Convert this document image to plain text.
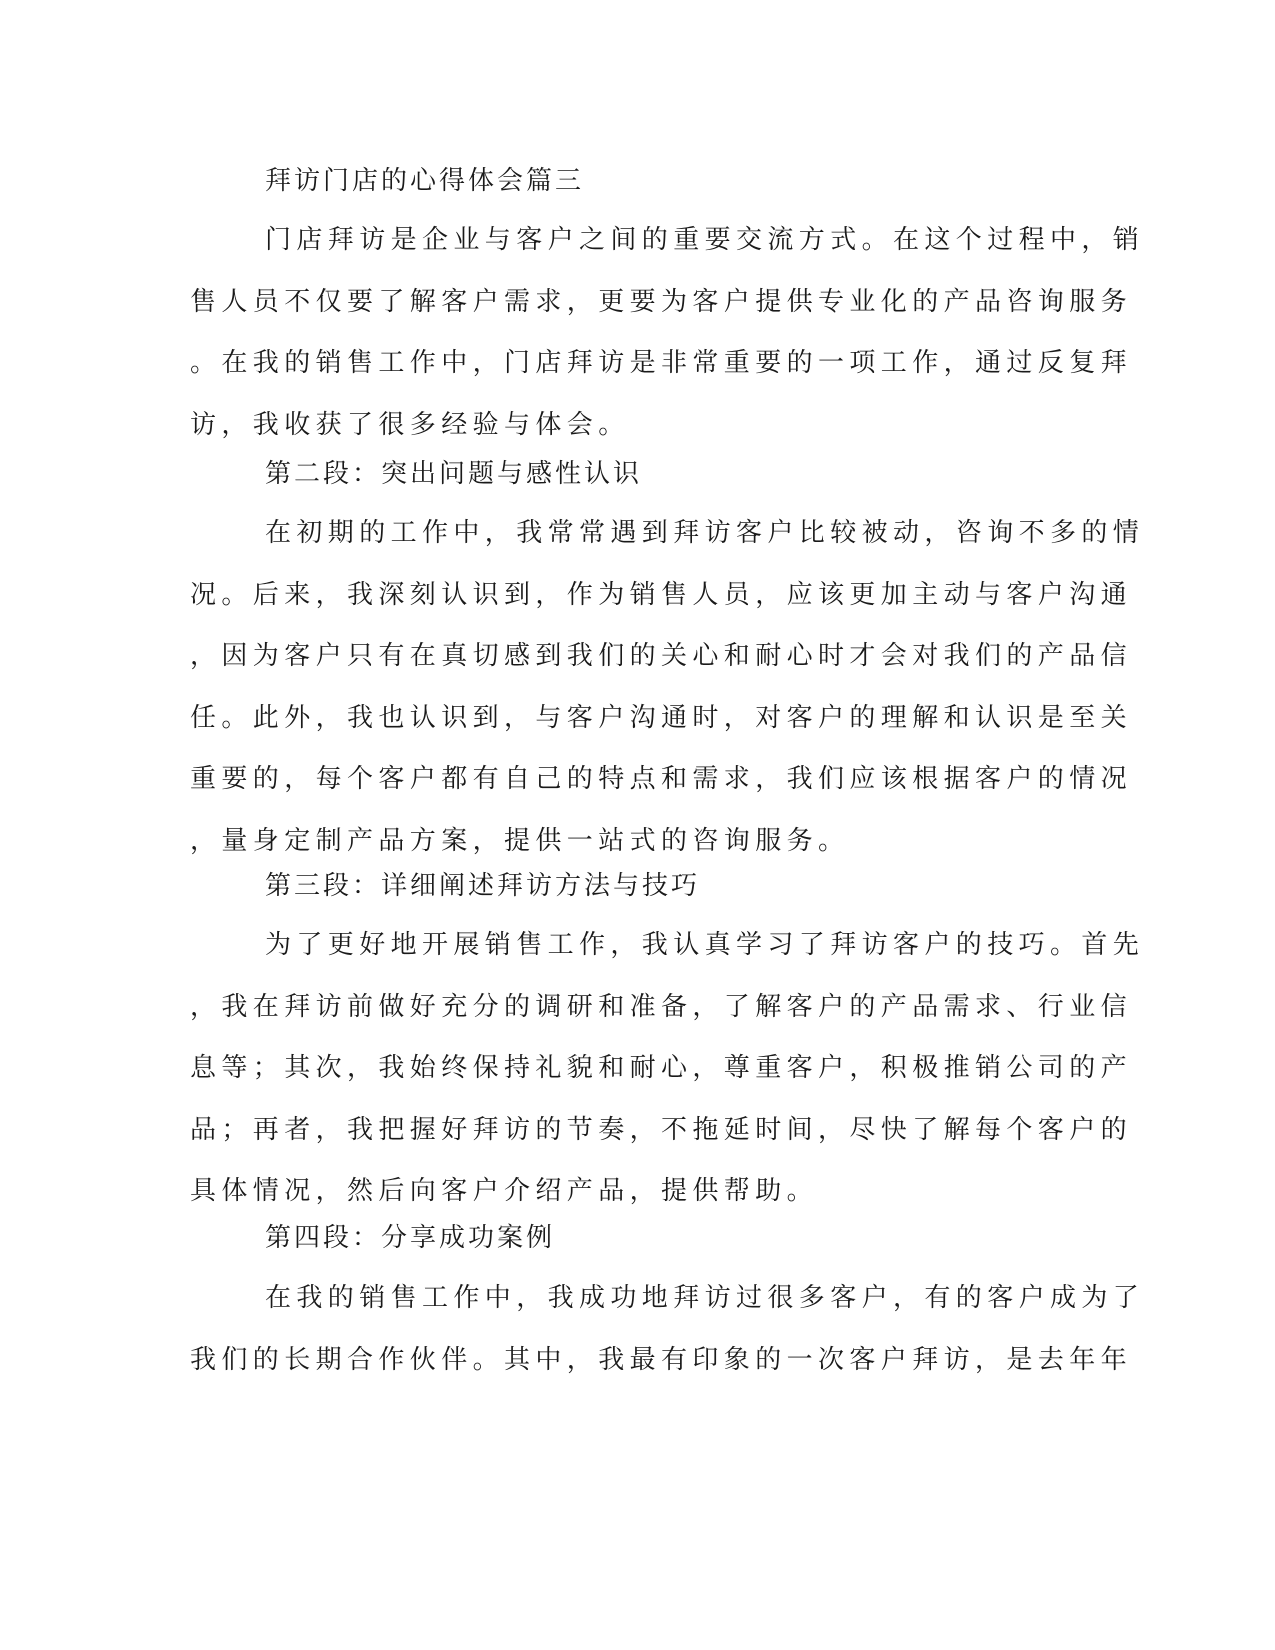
拜访门店的心得体会篇三
门店拜访是企业与客户之间的重要交流方式。在这个过程中，销
售人员不仅要了解客户需求，更要为客户提供专业化的产品咨询服务
。在我的销售工作中，门店拜访是非常重要的一项工作，通过反复拜
访，我收获了很多经验与体会。
第二段：突出问题与感性认识
在初期的工作中，我常常遇到拜访客户比较被动，咨询不多的情
况。后来，我深刻认识到，作为销售人员，应该更加主动与客户沟通
，因为客户只有在真切感到我们的关心和耐心时才会对我们的产品信
任。此外，我也认识到，与客户沟通时，对客户的理解和认识是至关
重要的，每个客户都有自己的特点和需求，我们应该根据客户的情况
，量身定制产品方案，提供一站式的咨询服务。
第三段：详细阐述拜访方法与技巧
为了更好地开展销售工作，我认真学习了拜访客户的技巧。首先
，我在拜访前做好充分的调研和准备，了解客户的产品需求、行业信
息等；其次，我始终保持礼貌和耐心，尊重客户，积极推销公司的产
品；再者，我把握好拜访的节奏，不拖延时间，尽快了解每个客户的
具体情况，然后向客户介绍产品，提供帮助。
第四段：分享成功案例
在我的销售工作中，我成功地拜访过很多客户，有的客户成为了
我们的长期合作伙伴。其中，我最有印象的一次客户拜访，是去年年
